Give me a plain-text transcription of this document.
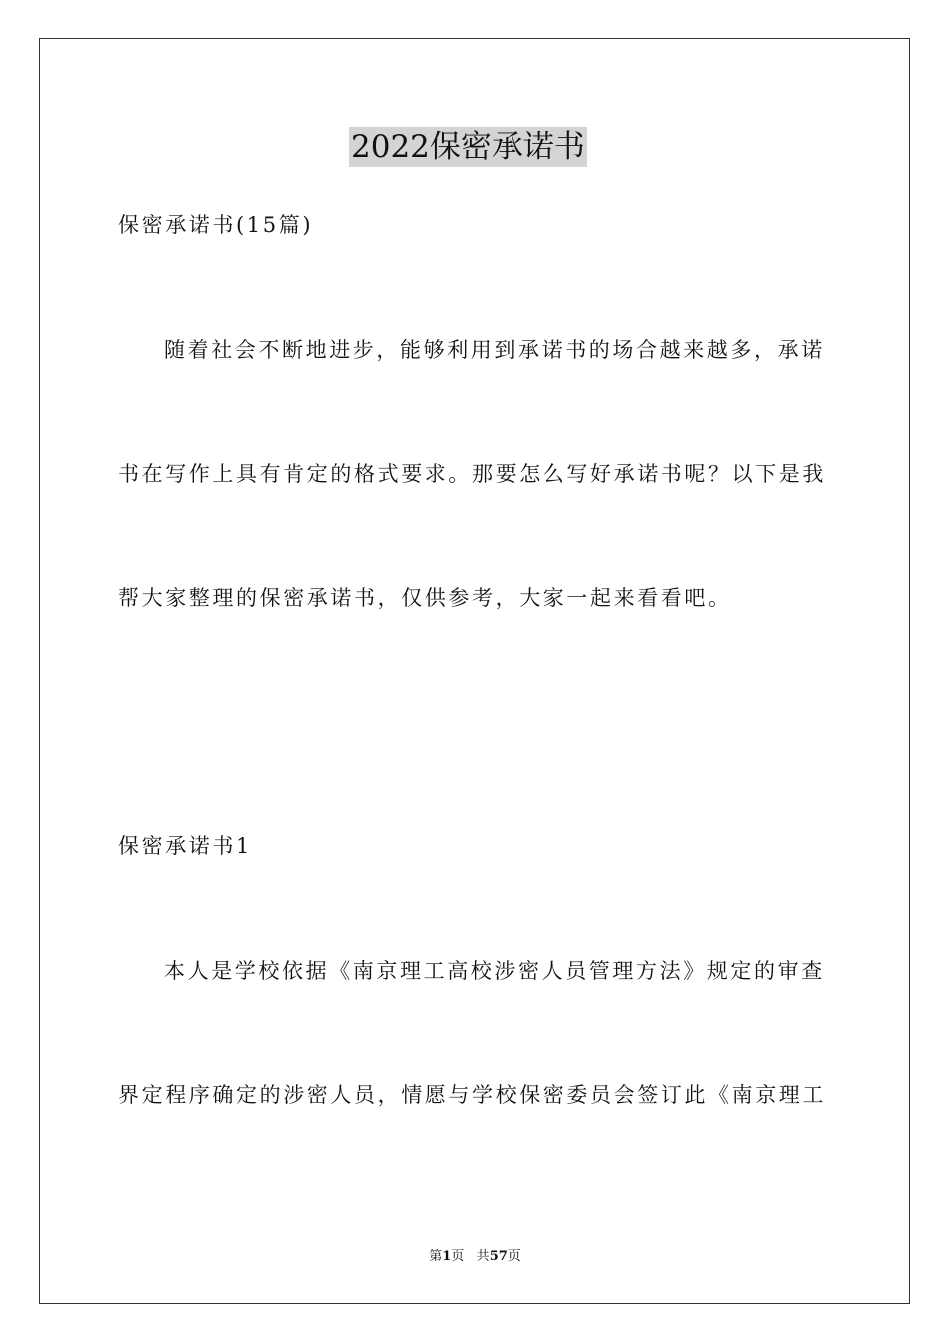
2022保密承诺书
保密承诺书(15篇)
随着社会不断地进步，能够利用到承诺书的场合越来越多，承诺
书在写作上具有肯定的格式要求。那要怎么写好承诺书呢？以下是我
帮大家整理的保密承诺书，仅供参考，大家一起来看看吧。
保密承诺书1
本人是学校依据《南京理工高校涉密人员管理方法》规定的审查
界定程序确定的涉密人员，情愿与学校保密委员会签订此《南京理工
第1页 共57页
